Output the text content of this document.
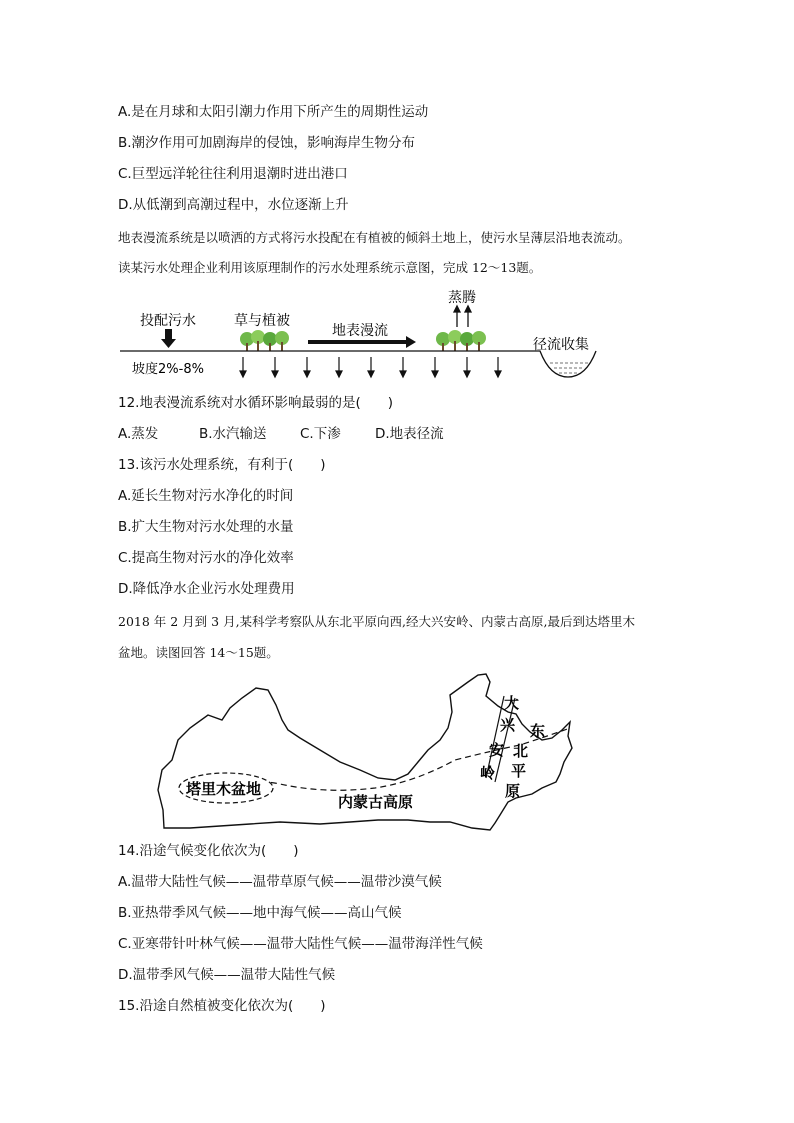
A.是在月球和太阳引潮力作用下所产生的周期性运动
B.潮汐作用可加剧海岸的侵蚀，影响海岸生物分布
C.巨型远洋轮往往利用退潮时进出港口
D.从低潮到高潮过程中，水位逐渐上升
地表漫流系统是以喷洒的方式将污水投配在有植被的倾斜土地上，使污水呈薄层沿地表流动。
读某污水处理企业利用该原理制作的污水处理系统示意图，完成 12～13题。
投配污水	草与植被
地表漫流
蒸腾
径流收集
坡度2%-8%
12.地表漫流系统对水循环影响最弱的是(　　)
A.蒸发	B.水汽输送 C.下渗	D.地表径流
13.该污水处理系统，有利于(　　)
A.延长生物对污水净化的时间
B.扩大生物对污水处理的水量
C.提高生物对污水的净化效率
D.降低净水企业污水处理费用
2018 年 2 月到 3 月,某科学考察队从东北平原向西,经大兴安岭、内蒙古高原,最后到达塔里木
盆地。读图回答 14～15题。
塔里木盆地
内蒙古高原
大
兴
安
岭
东
北
平
原
14.沿途气候变化依次为(　　)
A.温带大陆性气候——温带草原气候——温带沙漠气候
B.亚热带季风气候——地中海气候——高山气候
C.亚寒带针叶林气候——温带大陆性气候——温带海洋性气候
D.温带季风气候——温带大陆性气候
15.沿途自然植被变化依次为(　　)
